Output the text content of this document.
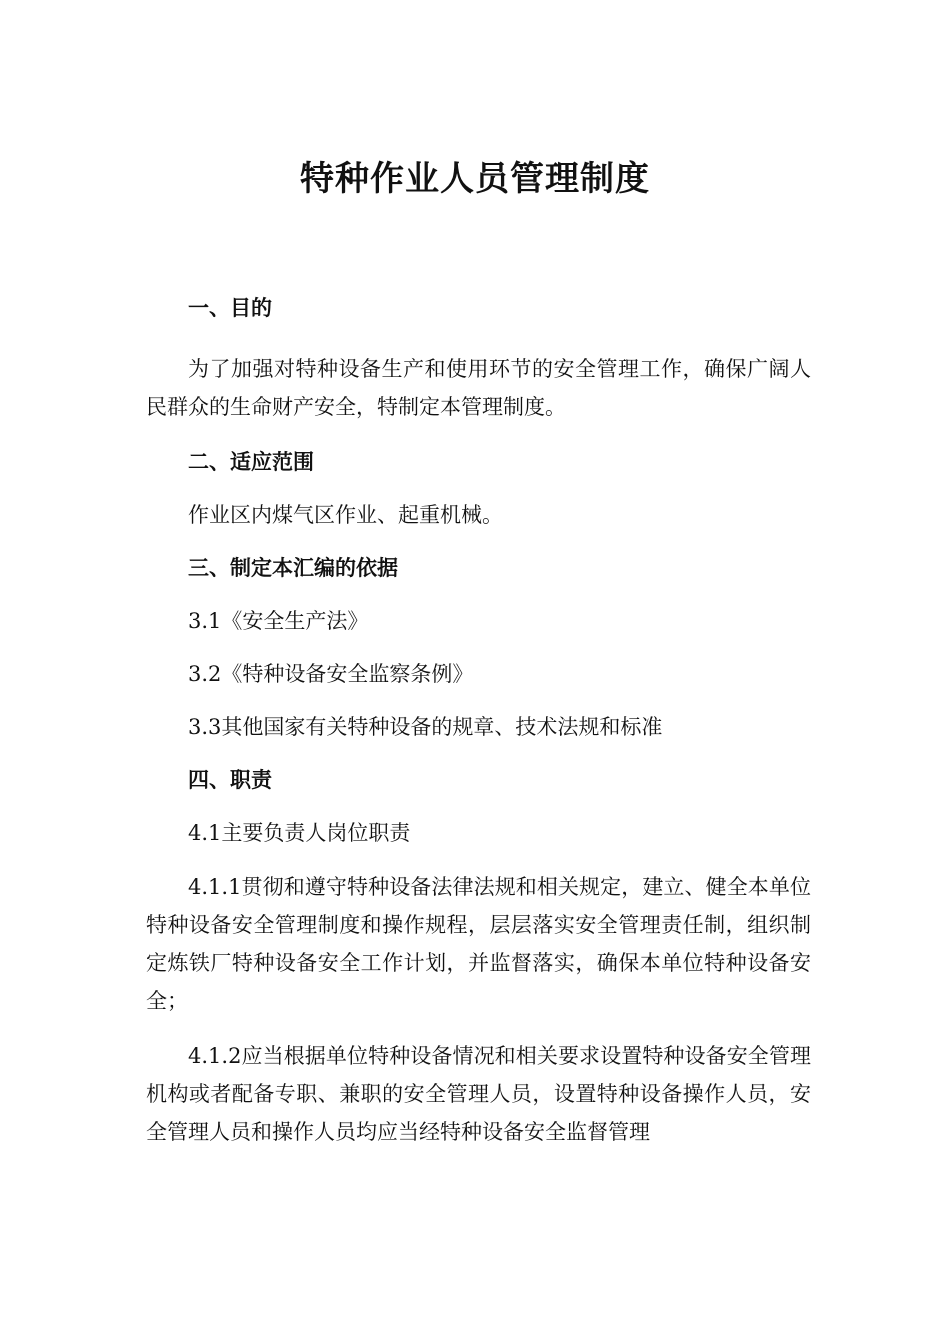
特种作业人员管理制度
一、目的

为了加强对特种设备生产和使用环节的安全管理工作，确保广阔人民群众的生命财产安全，特制定本管理制度。

二、适应范围

作业区内煤气区作业、起重机械。

三、制定本汇编的依据

3.1《安全生产法》

3.2《特种设备安全监察条例》

3.3其他国家有关特种设备的规章、技术法规和标准

四、职责

4.1主要负责人岗位职责

4.1.1贯彻和遵守特种设备法律法规和相关规定，建立、健全本单位特种设备安全管理制度和操作规程，层层落实安全管理责任制，组织制定炼铁厂特种设备安全工作计划，并监督落实，确保本单位特种设备安全；

4.1.2应当根据单位特种设备情况和相关要求设置特种设备安全管理机构或者配备专职、兼职的安全管理人员，设置特种设备操作人员，安全管理人员和操作人员均应当经特种设备安全监督管理
